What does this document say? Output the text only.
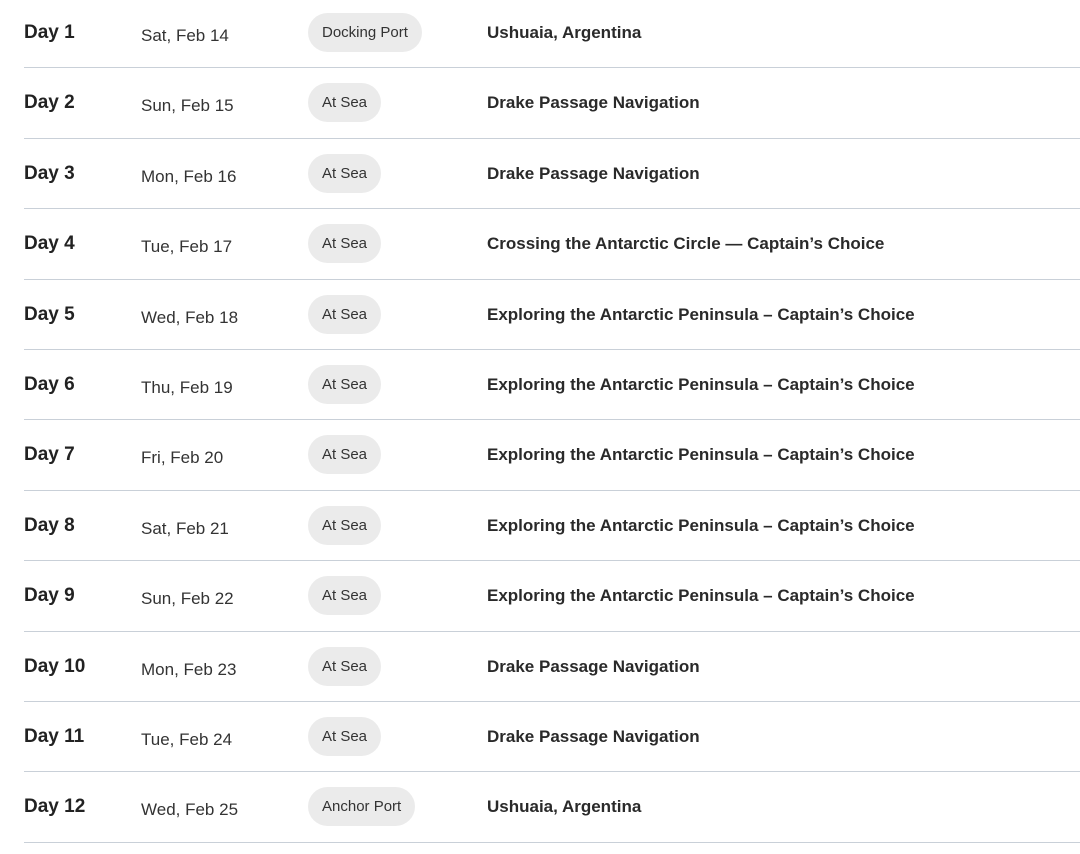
Day 1	Sat, Feb 14	Docking Port	Ushuaia, Argentina
Day 2	Sun, Feb 15	At Sea	Drake Passage Navigation
Day 3	Mon, Feb 16	At Sea	Drake Passage Navigation
Day 4	Tue, Feb 17	At Sea	Crossing the Antarctic Circle — Captain’s Choice
Day 5	Wed, Feb 18	At Sea	Exploring the Antarctic Peninsula – Captain’s Choice
Day 6	Thu, Feb 19	At Sea	Exploring the Antarctic Peninsula – Captain’s Choice
Day 7	Fri, Feb 20	At Sea	Exploring the Antarctic Peninsula – Captain’s Choice
Day 8	Sat, Feb 21	At Sea	Exploring the Antarctic Peninsula – Captain’s Choice
Day 9	Sun, Feb 22	At Sea	Exploring the Antarctic Peninsula – Captain’s Choice
Day 10	Mon, Feb 23	At Sea	Drake Passage Navigation
Day 11	Tue, Feb 24	At Sea	Drake Passage Navigation
Day 12	Wed, Feb 25	Anchor Port	Ushuaia, Argentina
